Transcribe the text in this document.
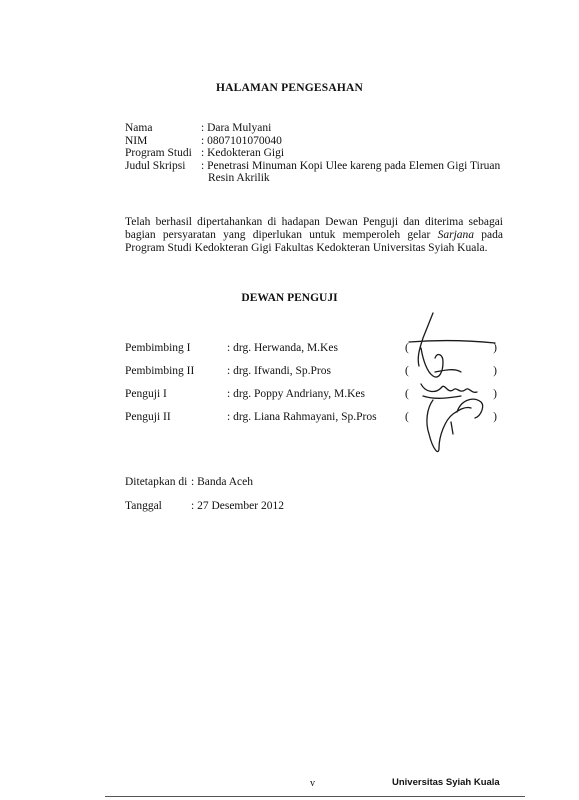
HALAMAN PENGESAHAN
Nama	: Dara Mulyani
NIM	: 0807101070040
Program Studi : Kedokteran Gigi
Judul Skripsi	: Penetrasi Minuman Kopi Ulee kareng pada Elemen Gigi Tiruan
Resin Akrilik
Telah berhasil dipertahankan di hadapan Dewan Penguji dan diterima sebagai bagian persyaratan yang diperlukan untuk memperoleh gelar Sarjana pada Program Studi Kedokteran Gigi Fakultas Kedokteran Universitas Syiah Kuala.
DEWAN PENGUJI
Pembimbing I	: drg. Herwanda, M.Kes	(	)
Pembimbing II	: drg. Ifwandi, Sp.Pros	(	)
Penguji I	: drg. Poppy Andriany, M.Kes	(	)
Penguji II	: drg. Liana Rahmayani, Sp.Pros	(	)
Ditetapkan di : Banda Aceh
Tanggal	: 27 Desember 2012
v	Universitas Syiah Kuala
